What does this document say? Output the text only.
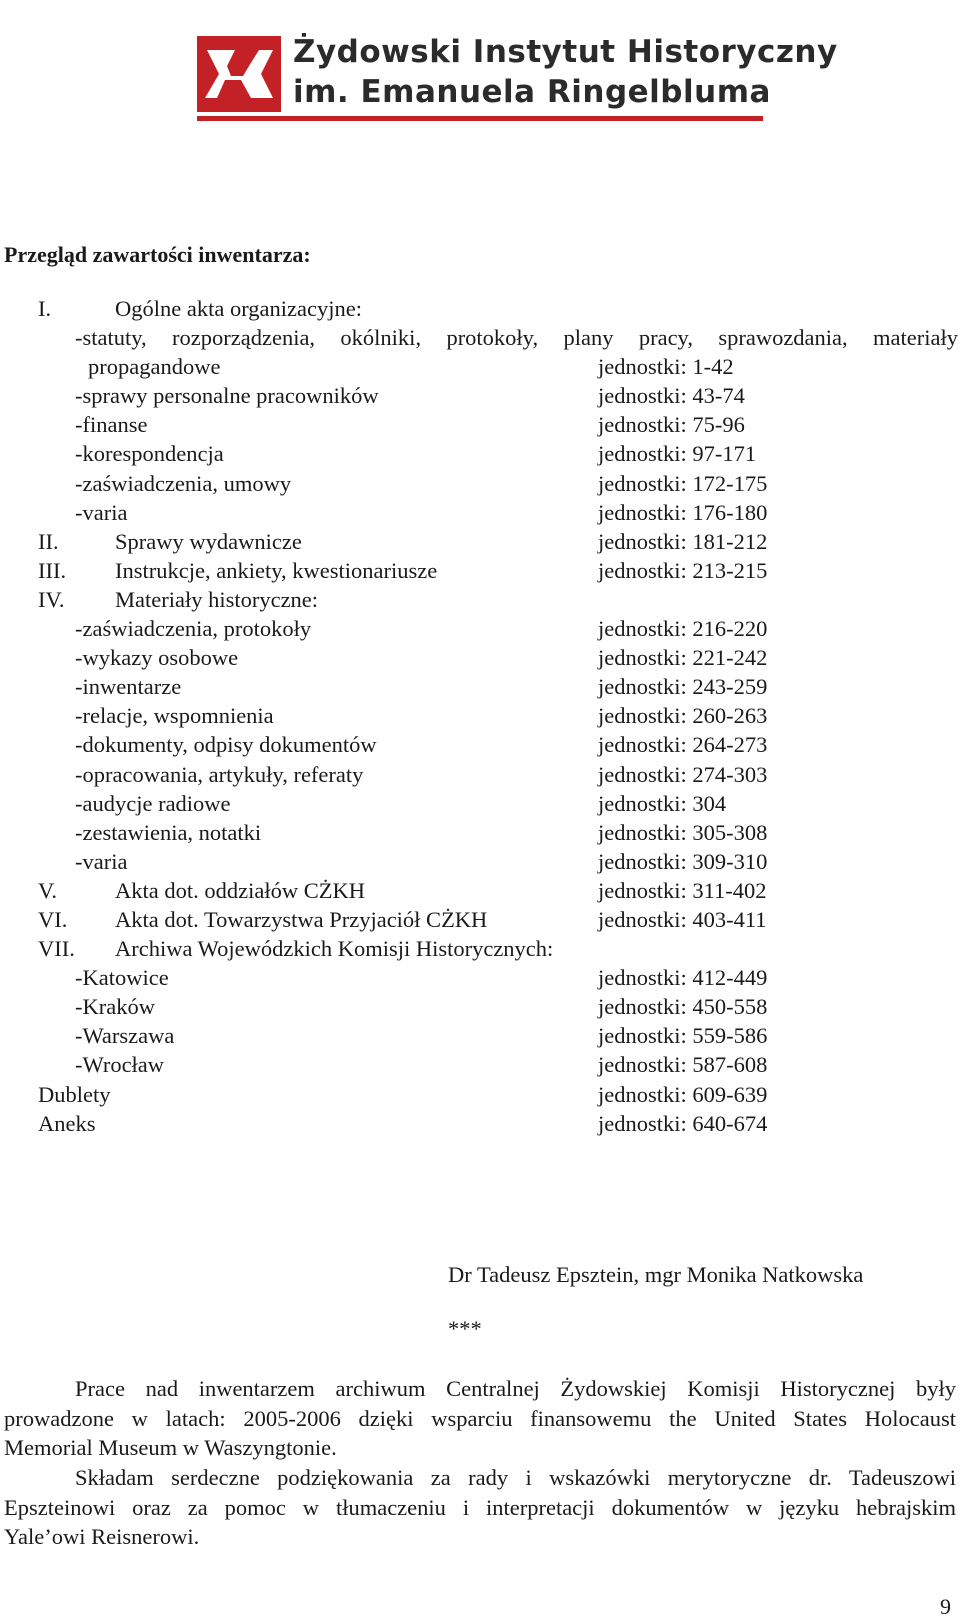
Żydowski Instytut Historyczny
im. Emanuela Ringelbluma
Przegląd zawartości inwentarza:
I.	Ogólne akta organizacyjne:
-statuty, rozporządzenia, okólniki, protokoły, plany pracy, sprawozdania, materiały
propagandowe	jednostki: 1-42
-sprawy personalne pracowników	jednostki: 43-74
-finanse	jednostki: 75-96
-korespondencja	jednostki: 97-171
-zaświadczenia, umowy	jednostki: 172-175
-varia	jednostki: 176-180
II.	Sprawy wydawnicze	jednostki: 181-212
III. Instrukcje, ankiety, kwestionariusze	jednostki: 213-215
IV. Materiały historyczne:
-zaświadczenia, protokoły	jednostki: 216-220
-wykazy osobowe	jednostki: 221-242
-inwentarze	jednostki: 243-259
-relacje, wspomnienia	jednostki: 260-263
-dokumenty, odpisy dokumentów	jednostki: 264-273
-opracowania, artykuły, referaty	jednostki: 274-303
-audycje radiowe	jednostki: 304
-zestawienia, notatki	jednostki: 305-308
-varia	jednostki: 309-310
V.	Akta dot. oddziałów CŻKH	jednostki: 311-402
VI. Akta dot. Towarzystwa Przyjaciół CŻKH	jednostki: 403-411
VII. Archiwa Wojewódzkich Komisji Historycznych:
-Katowice	jednostki: 412-449
-Kraków	jednostki: 450-558
-Warszawa	jednostki: 559-586
-Wrocław	jednostki: 587-608
Dublety	jednostki: 609-639
Aneks	jednostki: 640-674
Dr Tadeusz Epsztein, mgr Monika Natkowska
***
Prace nad inwentarzem archiwum Centralnej Żydowskiej Komisji Historycznej były
prowadzone w latach: 2005-2006 dzięki wsparciu finansowemu the United States Holocaust
Memorial Museum w Waszyngtonie.
Składam serdeczne podziękowania za rady i wskazówki merytoryczne dr. Tadeuszowi
Epszteinowi oraz za pomoc w tłumaczeniu i interpretacji dokumentów w języku hebrajskim
Yale’owi Reisnerowi.
9
